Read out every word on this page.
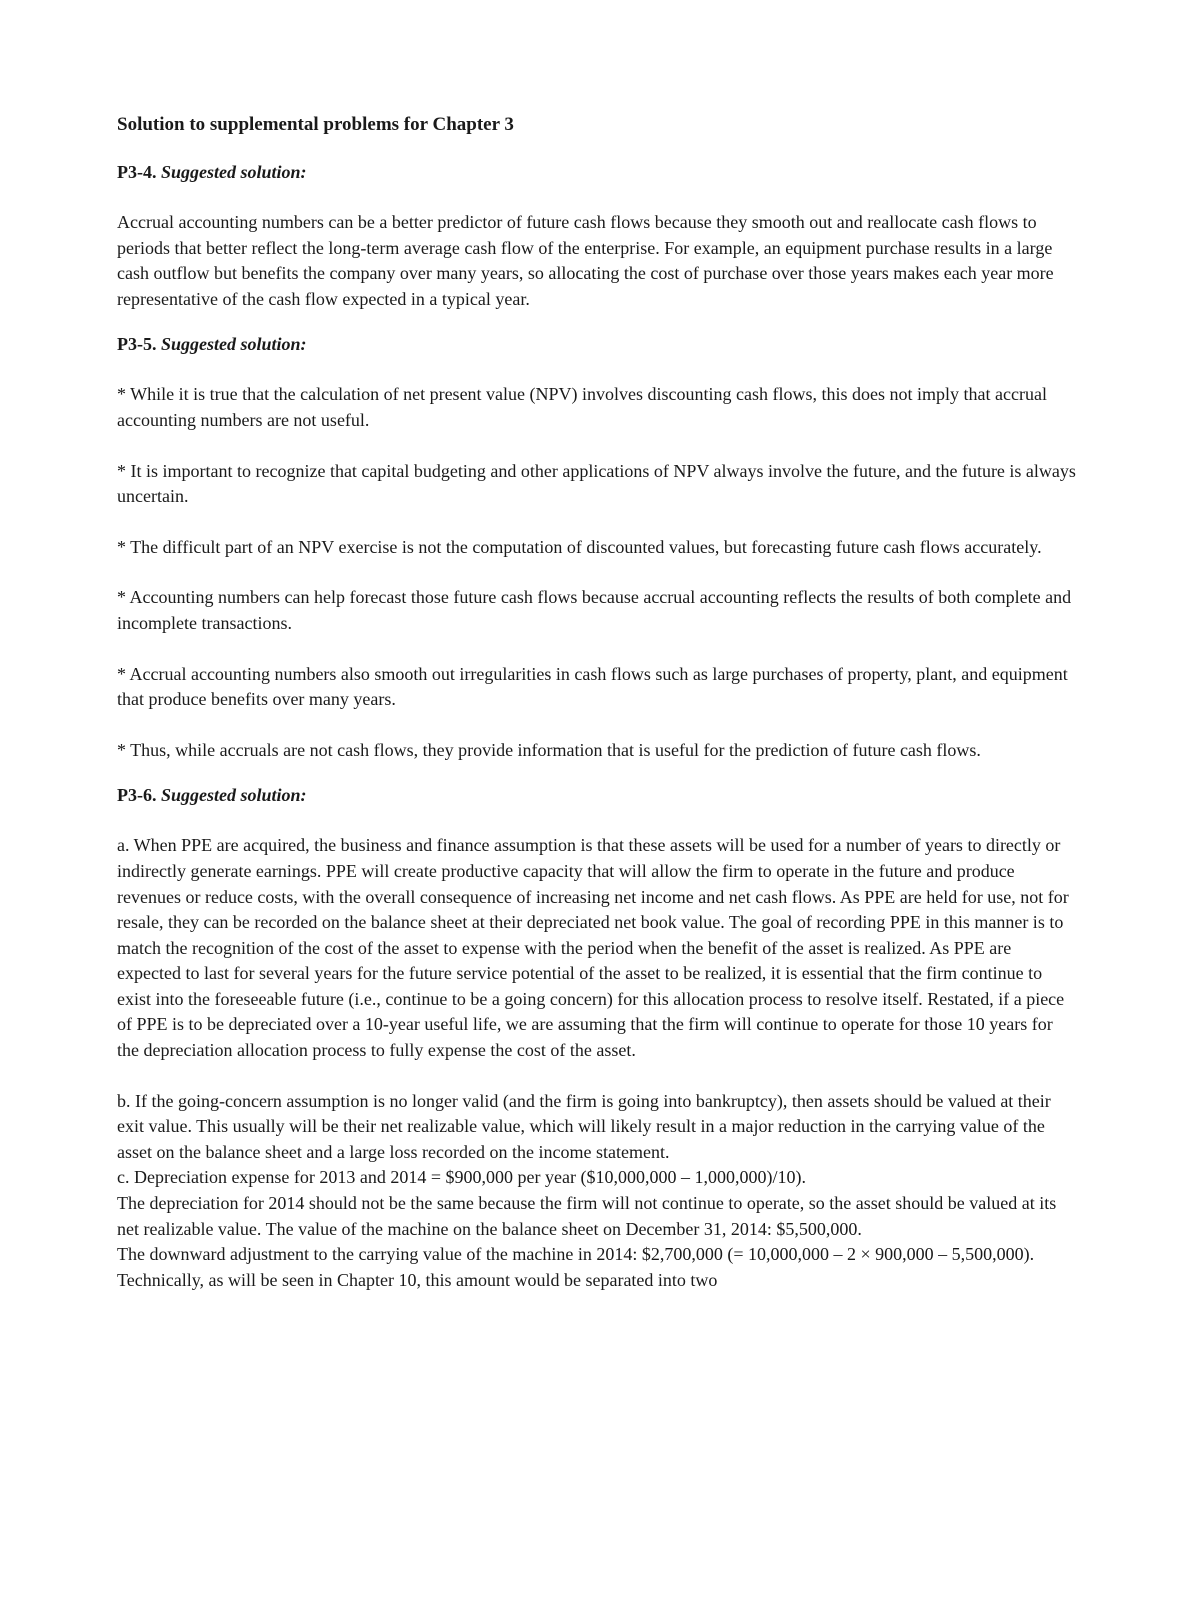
Solution to supplemental problems for Chapter 3

P3-4. Suggested solution:

Accrual accounting numbers can be a better predictor of future cash flows because they smooth out and reallocate cash flows to periods that better reflect the long-term average cash flow of the enterprise. For example, an equipment purchase results in a large cash outflow but benefits the company over many years, so allocating the cost of purchase over those years makes each year more representative of the cash flow expected in a typical year.

P3-5. Suggested solution:

* While it is true that the calculation of net present value (NPV) involves discounting cash flows, this does not imply that accrual accounting numbers are not useful.

* It is important to recognize that capital budgeting and other applications of NPV always involve the future, and the future is always uncertain.

* The difficult part of an NPV exercise is not the computation of discounted values, but forecasting future cash flows accurately.

* Accounting numbers can help forecast those future cash flows because accrual accounting reflects the results of both complete and incomplete transactions.

* Accrual accounting numbers also smooth out irregularities in cash flows such as large purchases of property, plant, and equipment that produce benefits over many years.

* Thus, while accruals are not cash flows, they provide information that is useful for the prediction of future cash flows.

P3-6. Suggested solution:

a. When PPE are acquired, the business and finance assumption is that these assets will be used for a number of years to directly or indirectly generate earnings. PPE will create productive capacity that will allow the firm to operate in the future and produce revenues or reduce costs, with the overall consequence of increasing net income and net cash flows. As PPE are held for use, not for resale, they can be recorded on the balance sheet at their depreciated net book value. The goal of recording PPE in this manner is to match the recognition of the cost of the asset to expense with the period when the benefit of the asset is realized. As PPE are expected to last for several years for the future service potential of the asset to be realized, it is essential that the firm continue to exist into the foreseeable future (i.e., continue to be a going concern) for this allocation process to resolve itself. Restated, if a piece of PPE is to be depreciated over a 10-year useful life, we are assuming that the firm will continue to operate for those 10 years for the depreciation allocation process to fully expense the cost of the asset.

b. If the going-concern assumption is no longer valid (and the firm is going into bankruptcy), then assets should be valued at their exit value. This usually will be their net realizable value, which will likely result in a major reduction in the carrying value of the asset on the balance sheet and a large loss recorded on the income statement.

c. Depreciation expense for 2013 and 2014 = $900,000 per year ($10,000,000 – 1,000,000)/10).

The depreciation for 2014 should not be the same because the firm will not continue to operate, so the asset should be valued at its net realizable value. The value of the machine on the balance sheet on December 31, 2014: $5,500,000.

The downward adjustment to the carrying value of the machine in 2014: $2,700,000 (= 10,000,000 – 2 × 900,000 – 5,500,000). Technically, as will be seen in Chapter 10, this amount would be separated into two
